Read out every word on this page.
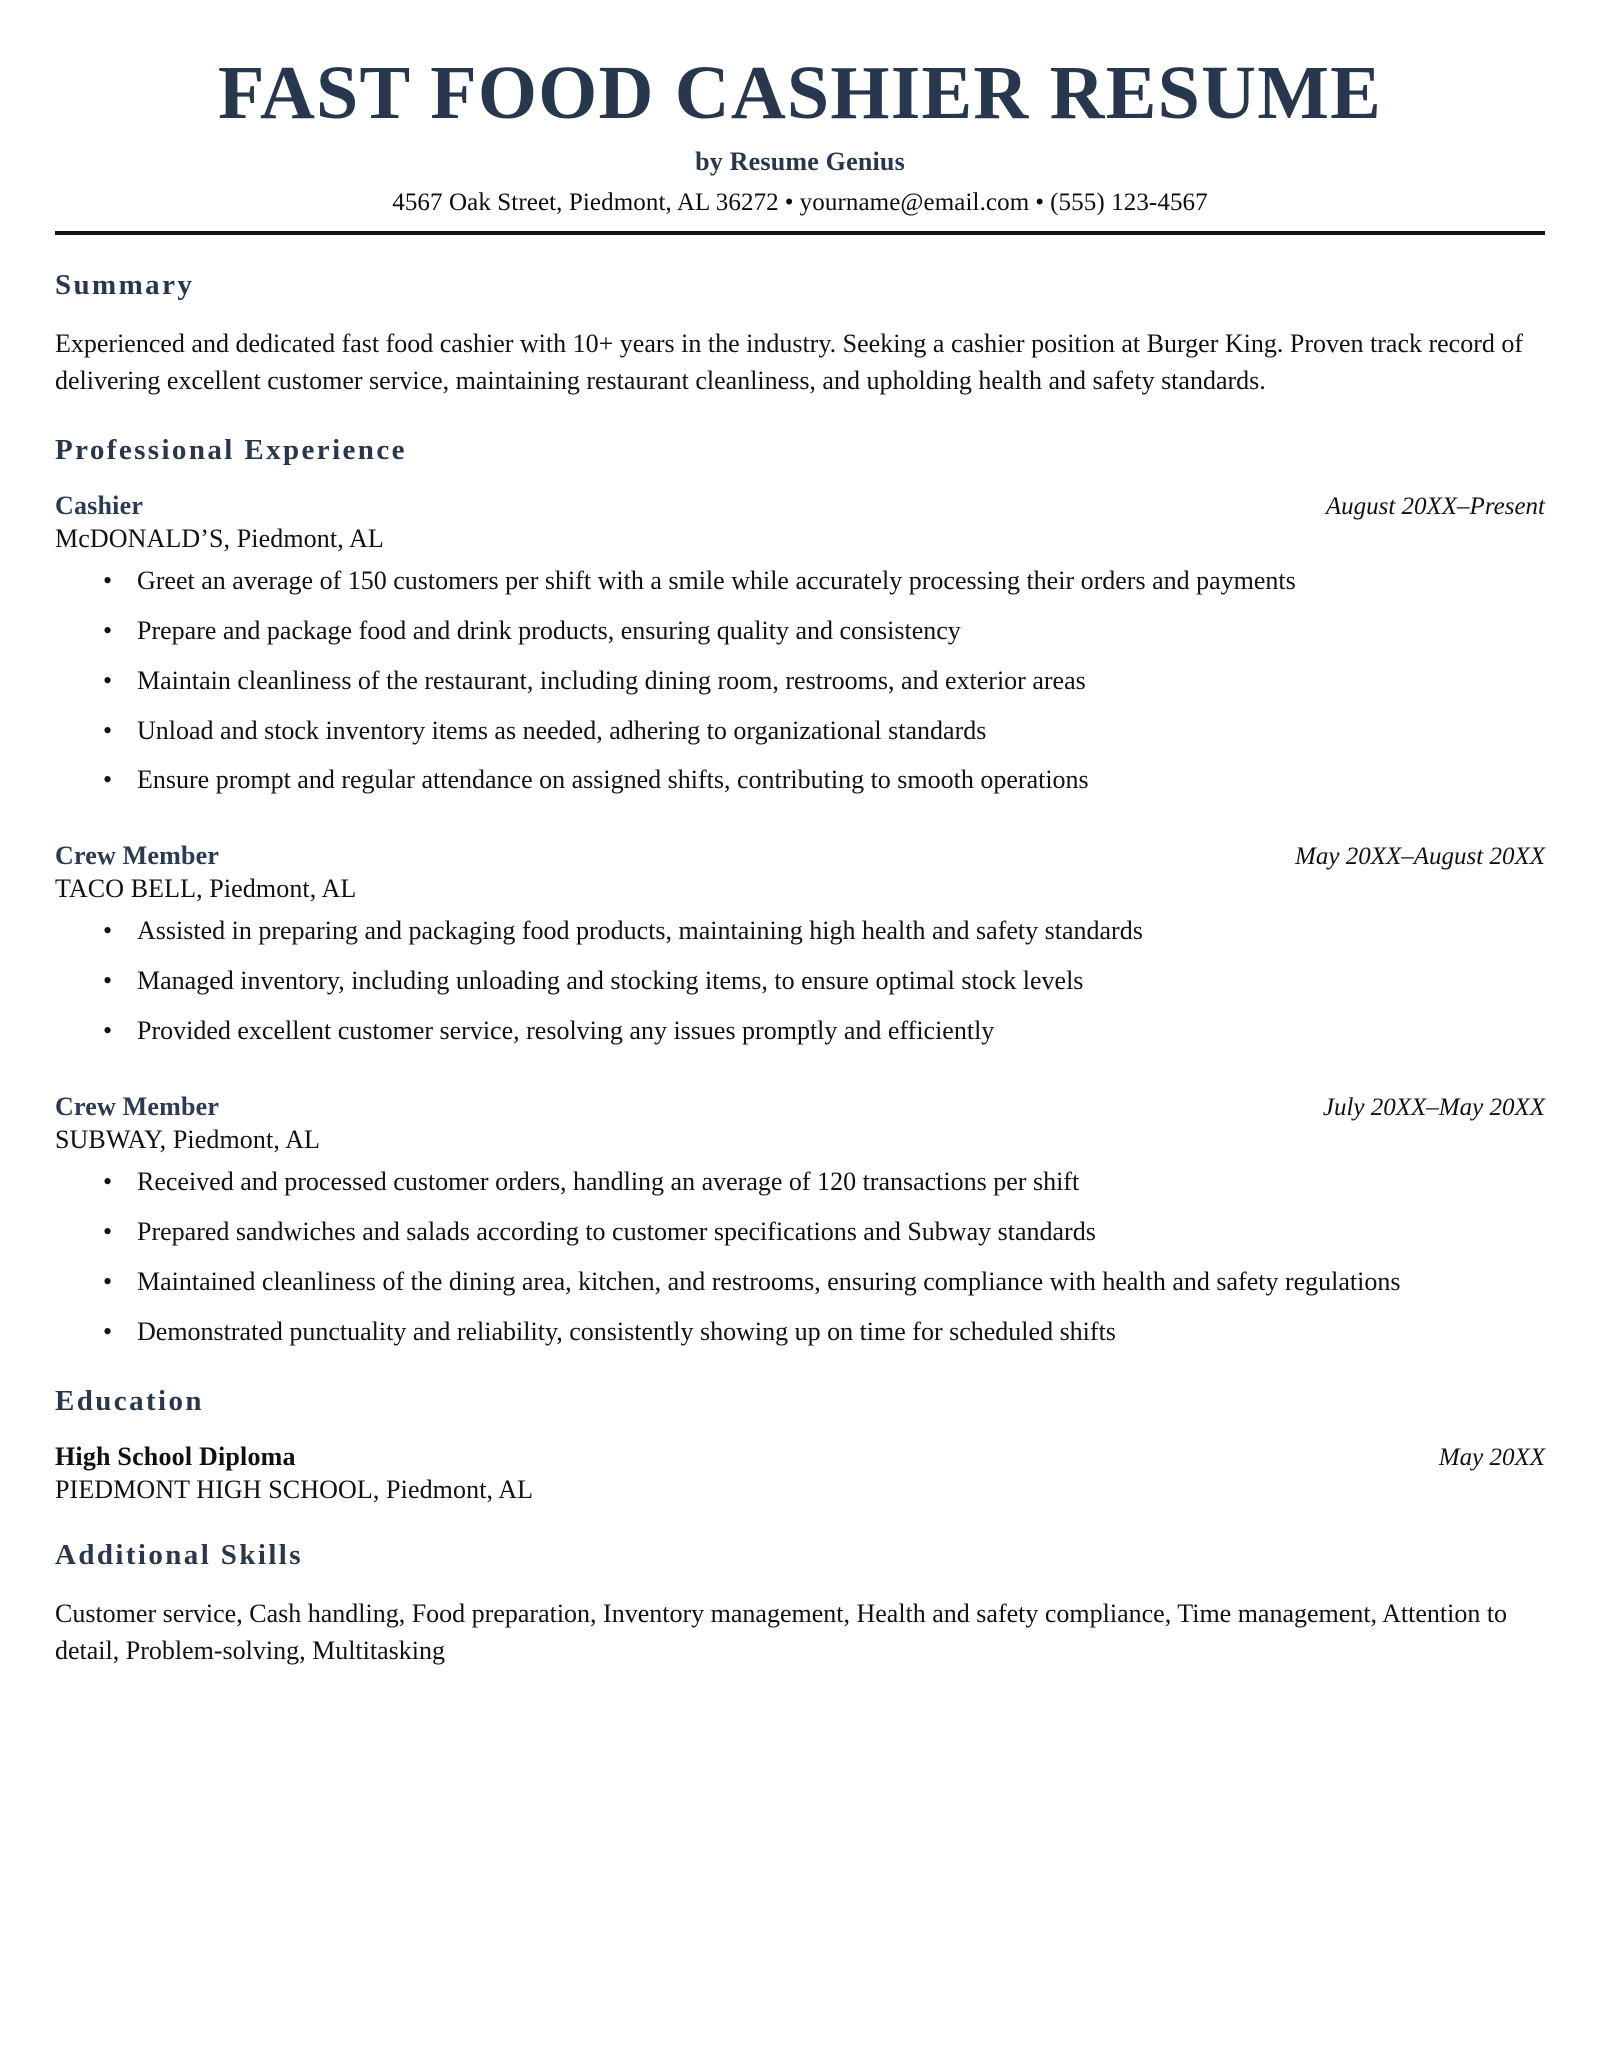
FAST FOOD CASHIER RESUME
by Resume Genius
4567 Oak Street, Piedmont, AL 36272 • yourname@email.com • (555) 123-4567
Summary

Experienced and dedicated fast food cashier with 10+ years in the industry. Seeking a cashier position at Burger King. Proven track record of delivering excellent customer service, maintaining restaurant cleanliness, and upholding health and safety standards.

Professional Experience
Cashier	August 20XX–Present
McDONALD’S, Piedmont, AL
• Greet an average of 150 customers per shift with a smile while accurately processing their orders and payments
• Prepare and package food and drink products, ensuring quality and consistency
• Maintain cleanliness of the restaurant, including dining room, restrooms, and exterior areas
• Unload and stock inventory items as needed, adhering to organizational standards
• Ensure prompt and regular attendance on assigned shifts, contributing to smooth operations
Crew Member	May 20XX–August 20XX
TACO BELL, Piedmont, AL
• Assisted in preparing and packaging food products, maintaining high health and safety standards
• Managed inventory, including unloading and stocking items, to ensure optimal stock levels
• Provided excellent customer service, resolving any issues promptly and efficiently
Crew Member	July 20XX–May 20XX
SUBWAY, Piedmont, AL
• Received and processed customer orders, handling an average of 120 transactions per shift
• Prepared sandwiches and salads according to customer specifications and Subway standards
• Maintained cleanliness of the dining area, kitchen, and restrooms, ensuring compliance with health and safety regulations
• Demonstrated punctuality and reliability, consistently showing up on time for scheduled shifts
Education
High School Diploma	May 20XX
PIEDMONT HIGH SCHOOL, Piedmont, AL
Additional Skills

Customer service, Cash handling, Food preparation, Inventory management, Health and safety compliance, Time management, Attention to detail, Problem-solving, Multitasking
